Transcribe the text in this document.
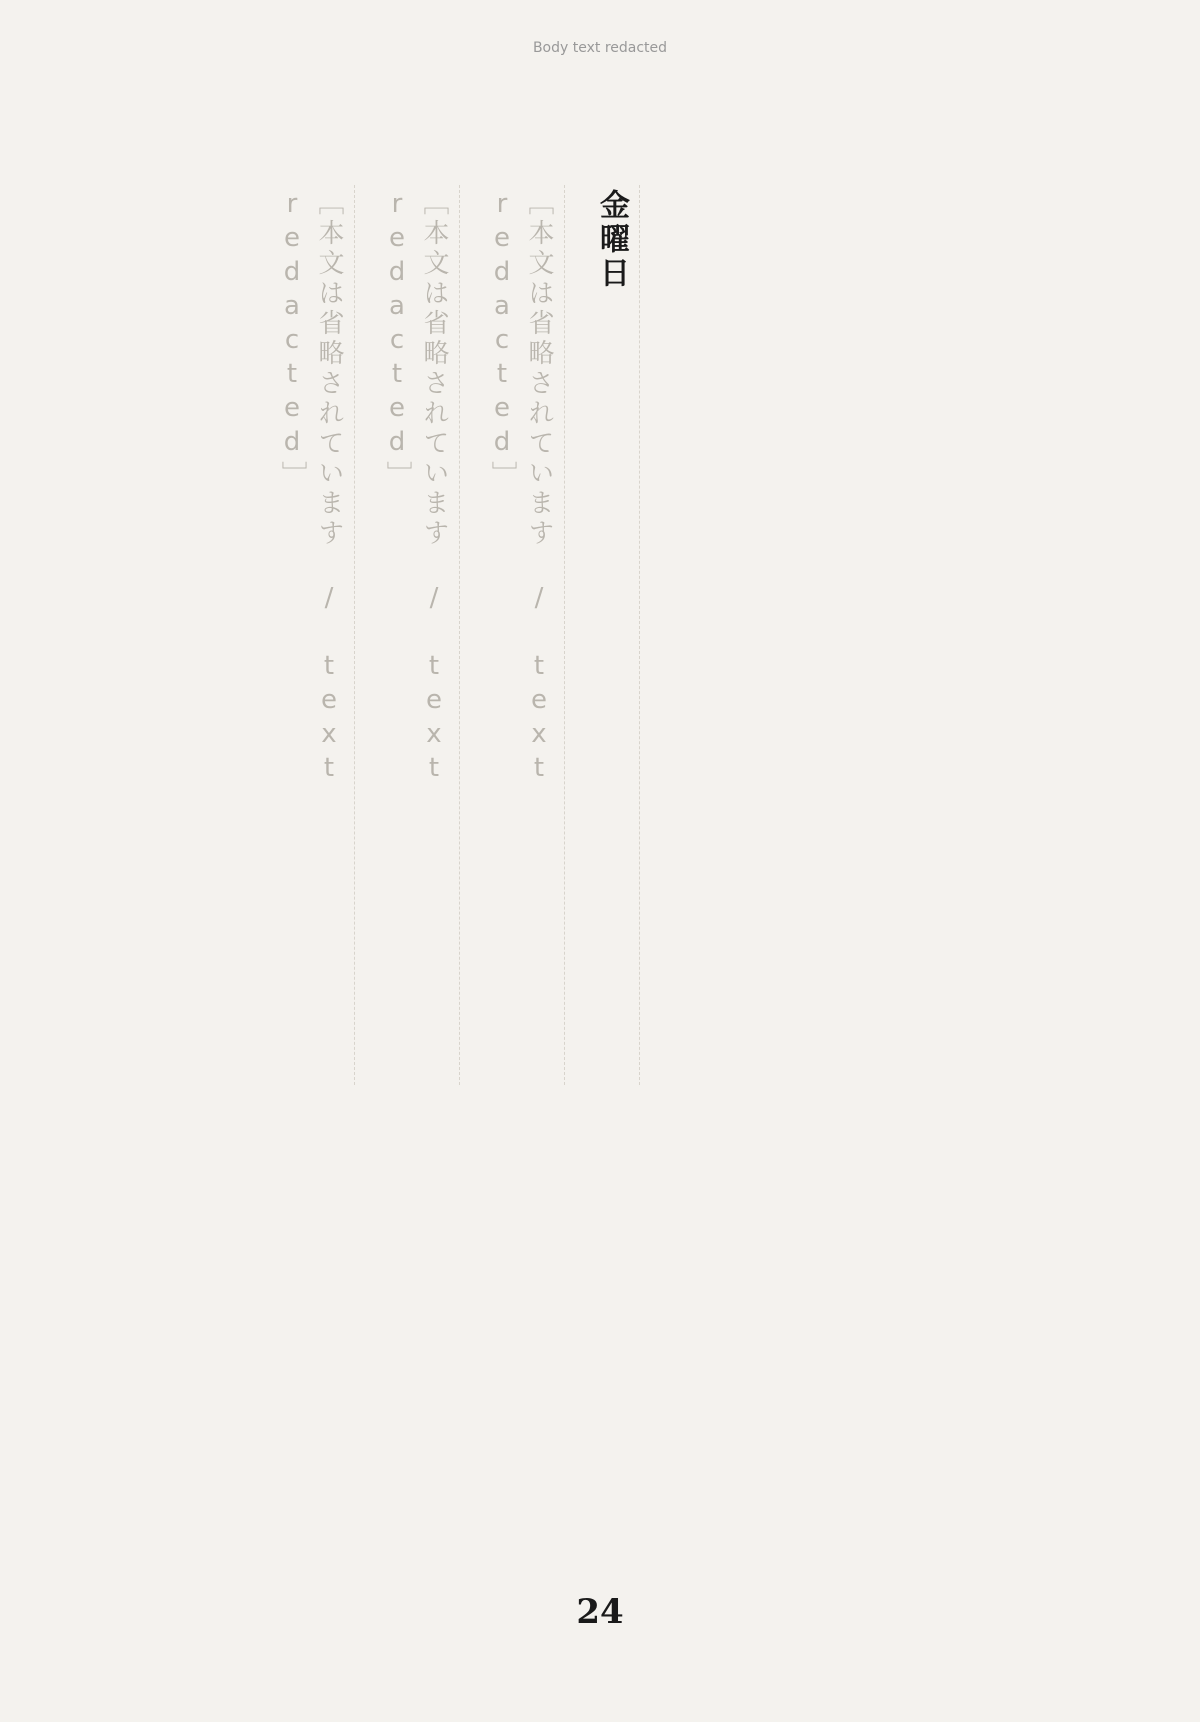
Body text redacted
金曜日
［本文は省略されています / text redacted］
［本文は省略されています / text redacted］
［本文は省略されています / text redacted］
24
